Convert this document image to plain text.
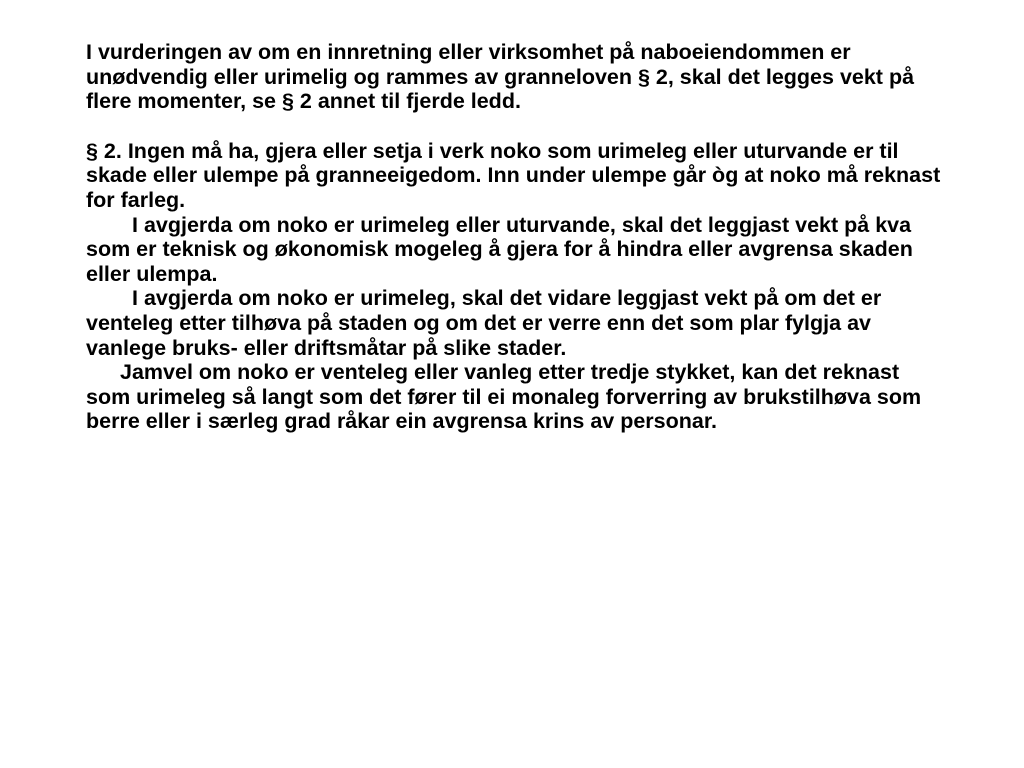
I vurderingen av om en innretning eller virksomhet på naboeiendommen er unødvendig eller urimelig og rammes av granneloven § 2, skal det legges vekt på flere momenter, se § 2 annet til fjerde ledd.

§ 2. Ingen må ha, gjera eller setja i verk noko som urimeleg eller uturvande er til skade eller ulempe på granneeigedom. Inn under ulempe går òg at noko må reknast for farleg.

I avgjerda om noko er urimeleg eller uturvande, skal det leggjast vekt på kva som er teknisk og økonomisk mogeleg å gjera for å hindra eller avgrensa skaden eller ulempa.

I avgjerda om noko er urimeleg, skal det vidare leggjast vekt på om det er venteleg etter tilhøva på staden og om det er verre enn det som plar fylgja av vanlege bruks- eller driftsmåtar på slike stader.

Jamvel om noko er venteleg eller vanleg etter tredje stykket, kan det reknast som urimeleg så langt som det fører til ei monaleg forverring av brukstilhøva som berre eller i særleg grad råkar ein avgrensa krins av personar.
